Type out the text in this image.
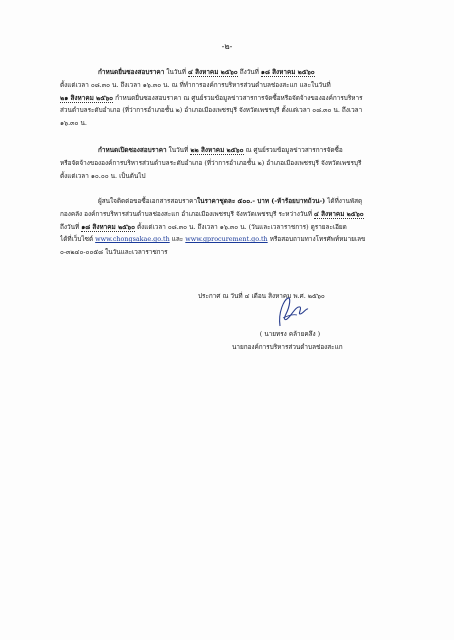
-๒-
กำหนดยื่นซองสอบราคา ในวันที่ ๔ สิงหาคม ๒๕๖๐ ถึงวันที่ ๑๘ สิงหาคม ๒๕๖๐
ตั้งแต่เวลา ๐๘.๓๐ น. ถึงเวลา ๑๖.๓๐ น. ณ ที่ทำการองค์การบริหารส่วนตำบลช่องสะแก และในวันที่
๒๑ สิงหาคม ๒๕๖๐ กำหนดยื่นซองสอบราคา ณ ศูนย์รวมข้อมูลข่าวสารการจัดซื้อหรือจัดจ้างขององค์การบริหาร
ส่วนตำบลระดับอำเภอ (ที่ว่าการอำเภอชั้น ๒) อำเภอเมืองเพชรบุรี จังหวัดเพชรบุรี ตั้งแต่เวลา ๐๘.๓๐ น. ถึงเวลา
๑๖.๓๐ น.
กำหนดเปิดซองสอบราคา ในวันที่ ๒๒ สิงหาคม ๒๕๖๐ ณ ศูนย์รวมข้อมูลข่าวสารการจัดซื้อ
หรือจัดจ้างขององค์การบริหารส่วนตำบลระดับอำเภอ (ที่ว่าการอำเภอชั้น ๒) อำเภอเมืองเพชรบุรี จังหวัดเพชรบุรี
ตั้งแต่เวลา ๑๐.๐๐ น. เป็นต้นไป
ผู้สนใจติดต่อขอซื้อเอกสารสอบราคาในราคาชุดละ ๕๐๐.- บาท (-ห้าร้อยบาทถ้วน-) ได้ที่งานพัสดุ
กองคลัง องค์การบริหารส่วนตำบลช่องสะแก อำเภอเมืองเพชรบุรี จังหวัดเพชรบุรี ระหว่างวันที่ ๔ สิงหาคม ๒๕๖๐
ถึงวันที่ ๑๘ สิงหาคม ๒๕๖๐ ตั้งแต่เวลา ๐๘.๓๐ น. ถึงเวลา ๑๖.๓๐ น. (วันและเวลาราชการ) ดูรายละเอียด
ได้ที่เว็บไซต์ www.chongsakae.go.th และ www.gprocurement.go.th หรือสอบถามทางโทรศัพท์หมายเลข
๐-๓๒๔๐-๐๐๕๘ ในวันและเวลาราชการ
ประกาศ ณ วันที่ ๔ เดือน สิงหาคม พ.ศ. ๒๕๖๐
( นายทรง คล้ายคลึง )
นายกองค์การบริหารส่วนตำบลช่องสะแก
